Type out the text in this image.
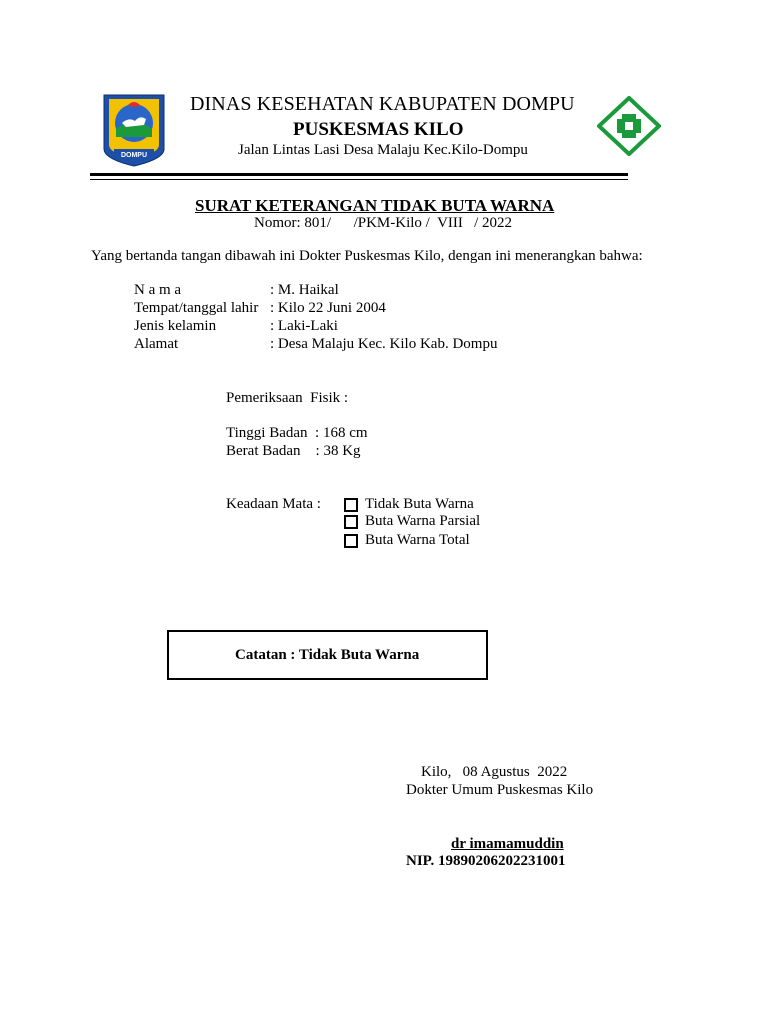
DOMPU
DINAS KESEHATAN KABUPATEN DOMPU
PUSKESMAS KILO
Jalan Lintas Lasi Desa Malaju Kec.Kilo-Dompu
SURAT KETERANGAN TIDAK BUTA WARNA
Nomor: 801/      /PKM-Kilo /  VIII   / 2022
Yang bertanda tangan dibawah ini Dokter Puskesmas Kilo, dengan ini menerangkan bahwa:
N a m a	: M. Haikal
Tempat/tanggal lahir : Kilo 22 Juni 2004
Jenis kelamin	: Laki-Laki
Alamat	: Desa Malaju Kec. Kilo Kab. Dompu
Pemeriksaan  Fisik :
Tinggi Badan  : 168 cm
Berat Badan    : 38 Kg
Keadaan Mata :	Tidak Buta Warna
Buta Warna Parsial
Buta Warna Total
Catatan : Tidak Buta Warna
Kilo,   08 Agustus  2022
Dokter Umum Puskesmas Kilo
dr imamamuddin
NIP. 19890206202231001
